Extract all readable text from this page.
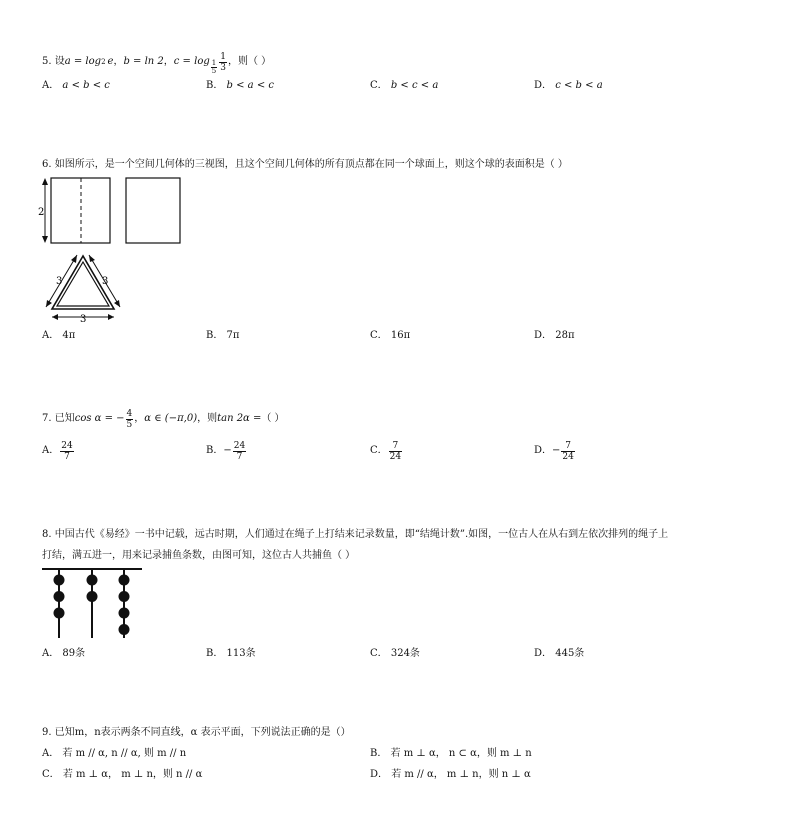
5. 设 a = log 2 e ， b = ln 2 ， $c = \log \frac{1}{5} \frac{1}{3}$ ，则（ ）
A． a < b < c	B． b < a < c	C． b < c < a	D． c < b < a
6. 如图所示，是一个空间几何体的三视图，且这个空间几何体的所有顶点都在同一个球面上，则这个球的表面积是（ ）
2
3	3
3
A． 4π	B． 7π	C． 16π	D． 28π
7. 已知 cos α = − $\frac{4}{5}$ ， α ∈ (−π,0) ，则 tan 2α = （ ）
A． $\frac{24}{7}$	B． − $\frac{24}{7}$	C． $\frac{7}{24}$	D． − $\frac{7}{24}$
8. 中国古代《易经》一书中记载，远古时期，人们通过在绳子上打结来记录数量，即“结绳计数”.如图，一位古人在从右到左依次排列的绳子上
打结，满五进一，用来记录捕鱼条数，由图可知，这位古人共捕鱼（ ）
A． 89条	B． 113条	C． 324条	D． 445条
9. 已知m，n表示两条不同直线，α 表示平面，下列说法正确的是（）
A． 若 m // α, n // α, 则 m // n	B． 若 m ⊥ α， n ⊂ α，则 m ⊥ n
C． 若 m ⊥ α， m ⊥ n，则 n // α	D． 若 m // α， m ⊥ n，则 n ⊥ α
